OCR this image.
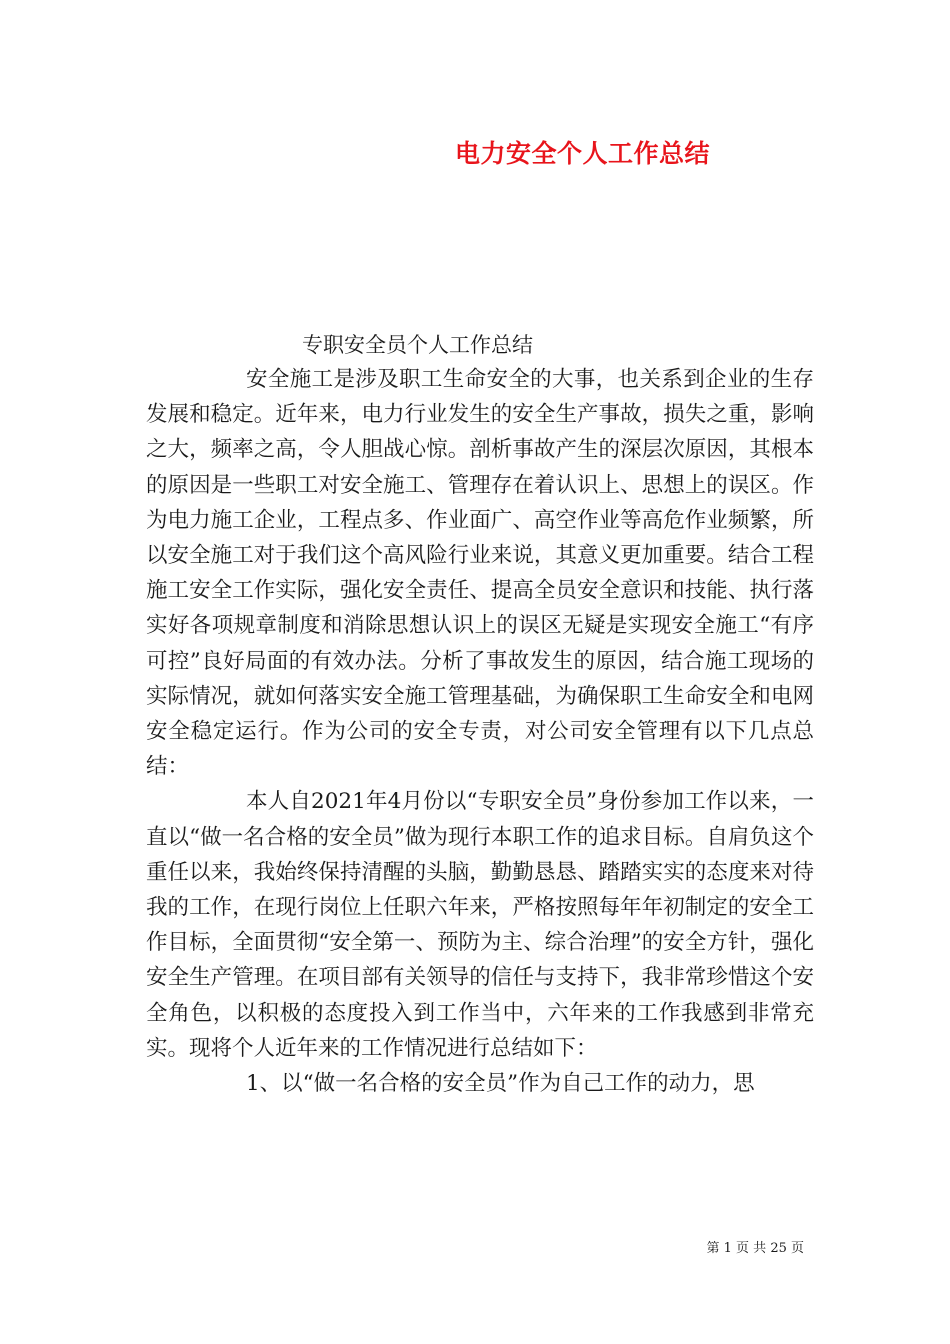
电力安全个人工作总结
专职安全员个人工作总结

安全施工是涉及职工生命安全的大事，也关系到企业的生存发展和稳定。近年来，电力行业发生的安全生产事故，损失之重，影响之大，频率之高，令人胆战心惊。剖析事故产生的深层次原因，其根本的原因是一些职工对安全施工、管理存在着认识上、思想上的误区。作为电力施工企业，工程点多、作业面广、高空作业等高危作业频繁，所以安全施工对于我们这个高风险行业来说，其意义更加重要。结合工程施工安全工作实际，强化安全责任、提高全员安全意识和技能、执行落实好各项规章制度和消除思想认识上的误区无疑是实现安全施工“有序可控”良好局面的有效办法。分析了事故发生的原因，结合施工现场的实际情况，就如何落实安全施工管理基础，为确保职工生命安全和电网安全稳定运行。作为公司的安全专责，对公司安全管理有以下几点总结：

本人自2021年4月份以“专职安全员”身份参加工作以来，一直以“做一名合格的安全员”做为现行本职工作的追求目标。自肩负这个重任以来，我始终保持清醒的头脑，勤勤恳恳、踏踏实实的态度来对待我的工作，在现行岗位上任职六年来，严格按照每年年初制定的安全工作目标，全面贯彻“安全第一、预防为主、综合治理”的安全方针，强化安全生产管理。在项目部有关领导的信任与支持下，我非常珍惜这个安全角色，以积极的态度投入到工作当中，六年来的工作我感到非常充实。现将个人近年来的工作情况进行总结如下：

1、以“做一名合格的安全员”作为自己工作的动力，思

第 1 页 共 25 页
